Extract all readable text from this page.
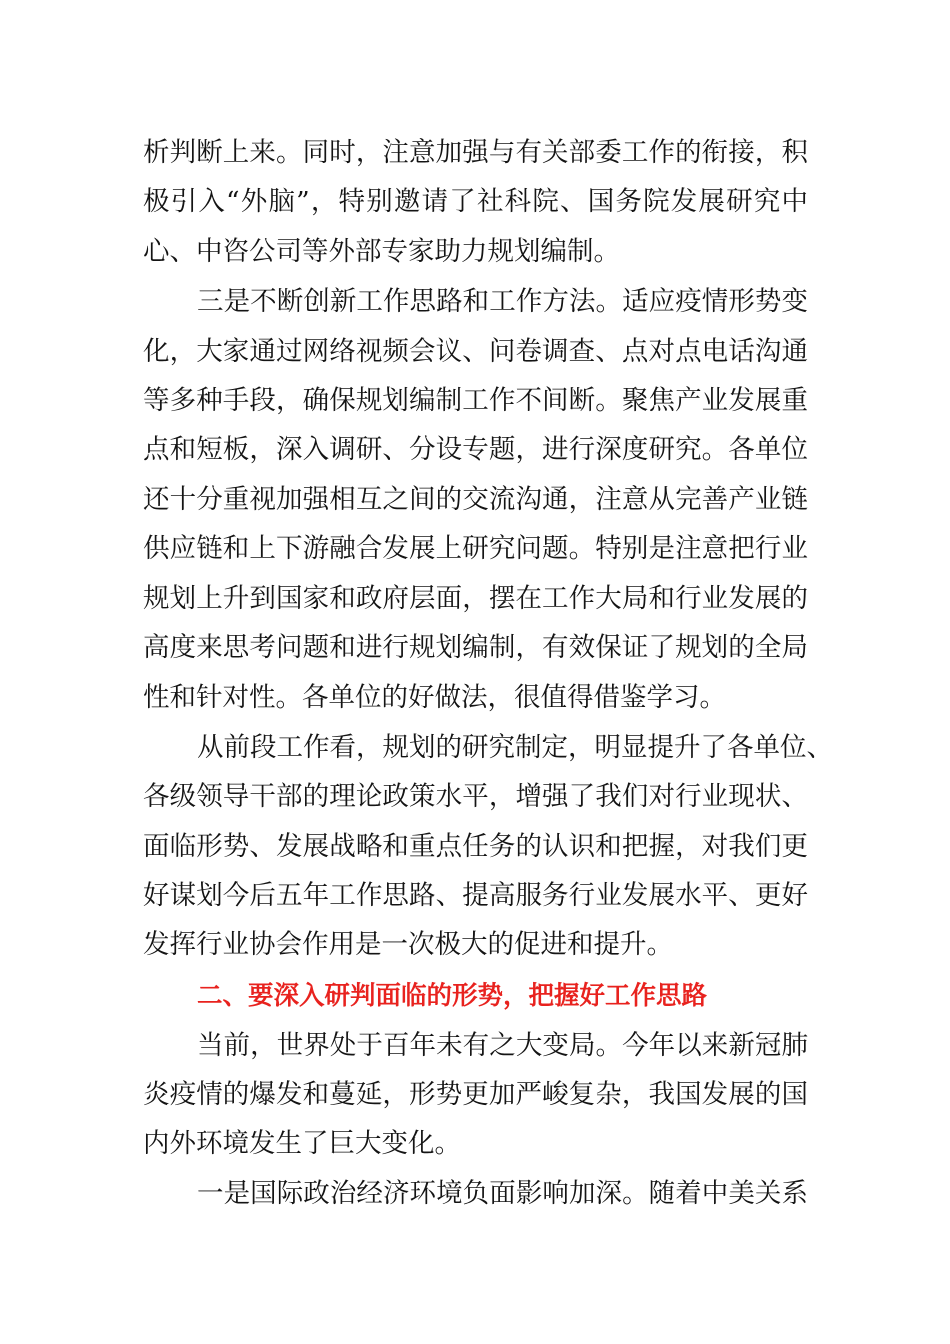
析判断上来。同时，注意加强与有关部委工作的衔接，积
极引入“外脑”，特别邀请了社科院、国务院发展研究中
心、中咨公司等外部专家助力规划编制。
三是不断创新工作思路和工作方法。适应疫情形势变
化，大家通过网络视频会议、问卷调查、点对点电话沟通
等多种手段，确保规划编制工作不间断。聚焦产业发展重
点和短板，深入调研、分设专题，进行深度研究。各单位
还十分重视加强相互之间的交流沟通，注意从完善产业链
供应链和上下游融合发展上研究问题。特别是注意把行业
规划上升到国家和政府层面，摆在工作大局和行业发展的
高度来思考问题和进行规划编制，有效保证了规划的全局
性和针对性。各单位的好做法，很值得借鉴学习。
从前段工作看，规划的研究制定，明显提升了各单位、
各级领导干部的理论政策水平，增强了我们对行业现状、
面临形势、发展战略和重点任务的认识和把握，对我们更
好谋划今后五年工作思路、提高服务行业发展水平、更好
发挥行业协会作用是一次极大的促进和提升。
二、要深入研判面临的形势，把握好工作思路
当前，世界处于百年未有之大变局。今年以来新冠肺
炎疫情的爆发和蔓延，形势更加严峻复杂，我国发展的国
内外环境发生了巨大变化。
一是国际政治经济环境负面影响加深。随着中美关系
